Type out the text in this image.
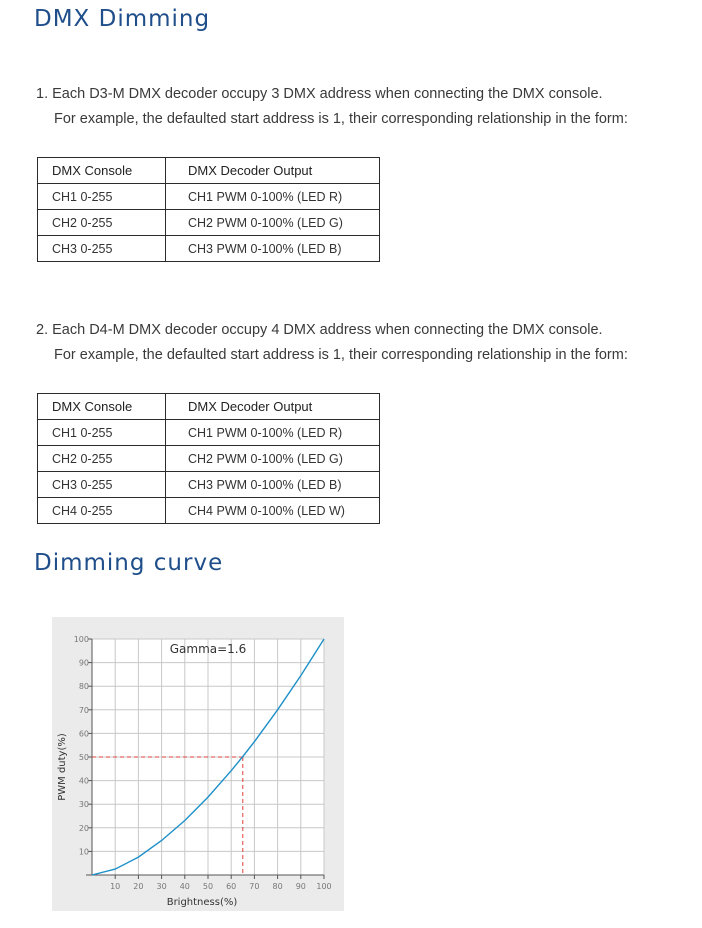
DMX Dimming
1. Each D3-M DMX decoder occupy 3 DMX address when connecting the DMX console.
For example, the defaulted start address is 1, their corresponding relationship in the form:
DMX Console	DMX Decoder Output
CH1 0-255	CH1 PWM 0-100% (LED R)
CH2 0-255	CH2 PWM 0-100% (LED G)
CH3 0-255	CH3 PWM 0-100% (LED B)
2. Each D4-M DMX decoder occupy 4 DMX address when connecting the DMX console.
For example, the defaulted start address is 1, their corresponding relationship in the form:
DMX Console	DMX Decoder Output
CH1 0-255	CH1 PWM 0-100% (LED R)
CH2 0-255	CH2 PWM 0-100% (LED G)
CH3 0-255	CH3 PWM 0-100% (LED B)
CH4 0-255	CH4 PWM 0-100% (LED W)
Dimming curve
10
20
30
40
50
60
70
80
90
100
10 20 30 40 50 60 70 80 90 100
Gamma=1.6
Brightness(%)
PWM duty(%)
